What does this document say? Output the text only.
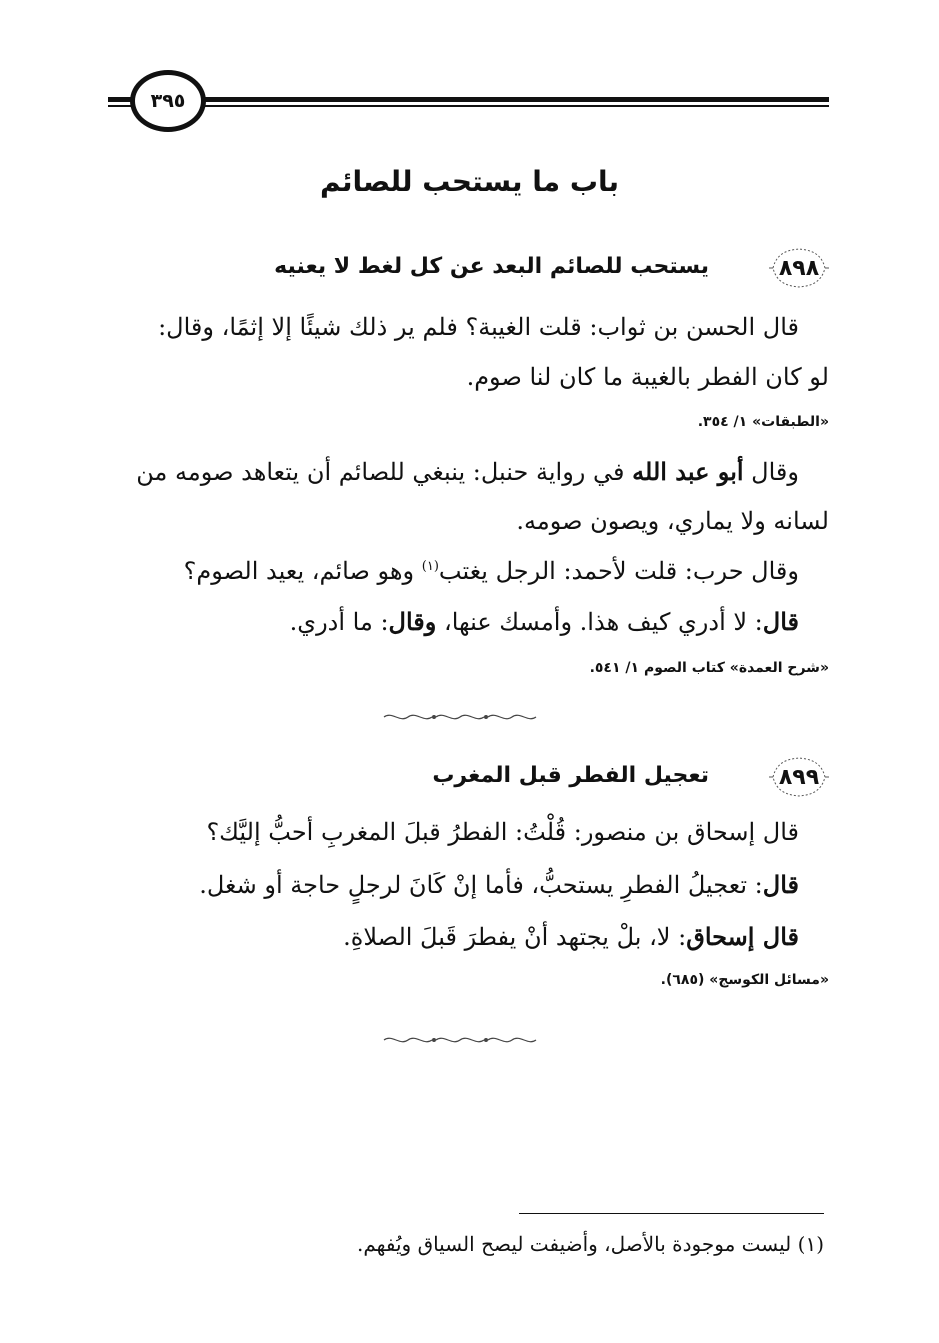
٣٩٥
باب ما يستحب للصائم
٨٩٨
يستحب للصائم البعد عن كل لغط لا يعنيه
قال الحسن بن ثواب: قلت الغيبة؟ فلم ير ذلك شيئًا إلا إثمًا، وقال:
لو كان الفطر بالغيبة ما كان لنا صوم.
«الطبقات» ١/ ٣٥٤.
وقال أبو عبد الله في رواية حنبل: ينبغي للصائم أن يتعاهد صومه من
لسانه ولا يماري، ويصون صومه.
وقال حرب: قلت لأحمد: الرجل يغتب$^{(١)}$ وهو صائم، يعيد الصوم؟
قال: لا أدري كيف هذا. وأمسك عنها، وقال: ما أدري.
«شرح العمدة» كتاب الصوم ١/ ٥٤١.
٨٩٩
تعجيل الفطر قبل المغرب
قال إسحاق بن منصور: قُلْتُ: الفطرُ قبلَ المغربِ أحبُّ إليَّك؟
قال: تعجيلُ الفطرِ يستحبُّ، فأما إنْ كَانَ لرجلٍ حاجة أو شغل.
قال إسحاق: لا، بلْ يجتهد أنْ يفطرَ قَبلَ الصلاةِ.
«مسائل الكوسج» (٦٨٥).
(١) ليست موجودة بالأصل، وأضيفت ليصح السياق ويُفهم.
